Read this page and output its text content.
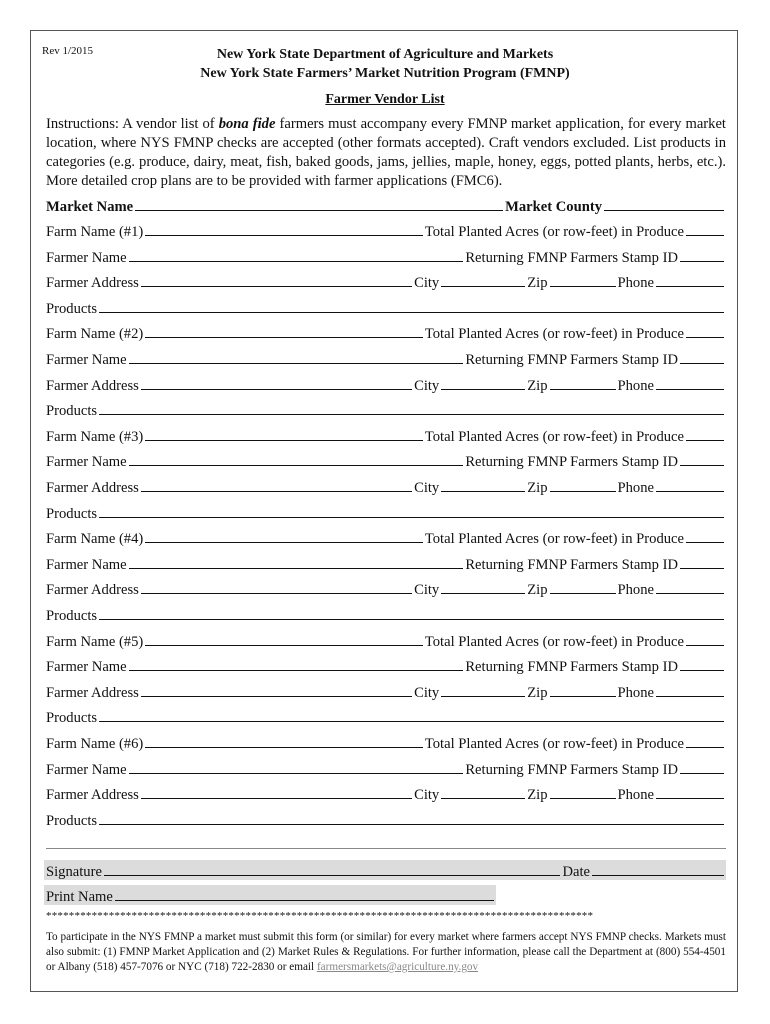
Rev 1/2015	New York State Department of Agriculture and Markets
New York State Farmers’ Market Nutrition Program (FMNP)
Farmer Vendor List
Instructions: A vendor list of bona fide farmers must accompany every FMNP market application, for every market location, where NYS FMNP checks are accepted (other formats accepted). Craft vendors excluded. List products in categories (e.g. produce, dairy, meat, fish, baked goods, jams, jellies, maple, honey, eggs, potted plants, herbs, etc.). More detailed crop plans are to be provided with farmer applications (FMC6).
Market Name	Market County
Farm Name (#1)	Total Planted Acres (or row-feet) in Produce
Farmer Name	Returning FMNP Farmers Stamp ID
Farmer Address	City	Zip	Phone
Products
Farm Name (#2)	Total Planted Acres (or row-feet) in Produce
Farmer Name	Returning FMNP Farmers Stamp ID
Farmer Address	City	Zip	Phone
Products
Farm Name (#3)	Total Planted Acres (or row-feet) in Produce
Farmer Name	Returning FMNP Farmers Stamp ID
Farmer Address	City	Zip	Phone
Products
Farm Name (#4)	Total Planted Acres (or row-feet) in Produce
Farmer Name	Returning FMNP Farmers Stamp ID
Farmer Address	City	Zip	Phone
Products
Farm Name (#5)	Total Planted Acres (or row-feet) in Produce
Farmer Name	Returning FMNP Farmers Stamp ID
Farmer Address	City	Zip	Phone
Products
Farm Name (#6)	Total Planted Acres (or row-feet) in Produce
Farmer Name	Returning FMNP Farmers Stamp ID
Farmer Address	City	Zip	Phone
Products
Signature	Date
Print Name
************************************************************************************************
To participate in the NYS FMNP a market must submit this form (or similar) for every market where farmers accept NYS FMNP checks. Markets must also submit: (1) FMNP Market Application and (2) Market Rules & Regulations. For further information, please call the Department at (800) 554-4501 or Albany (518) 457-7076 or NYC (718) 722-2830 or email farmersmarkets@agriculture.ny.gov
